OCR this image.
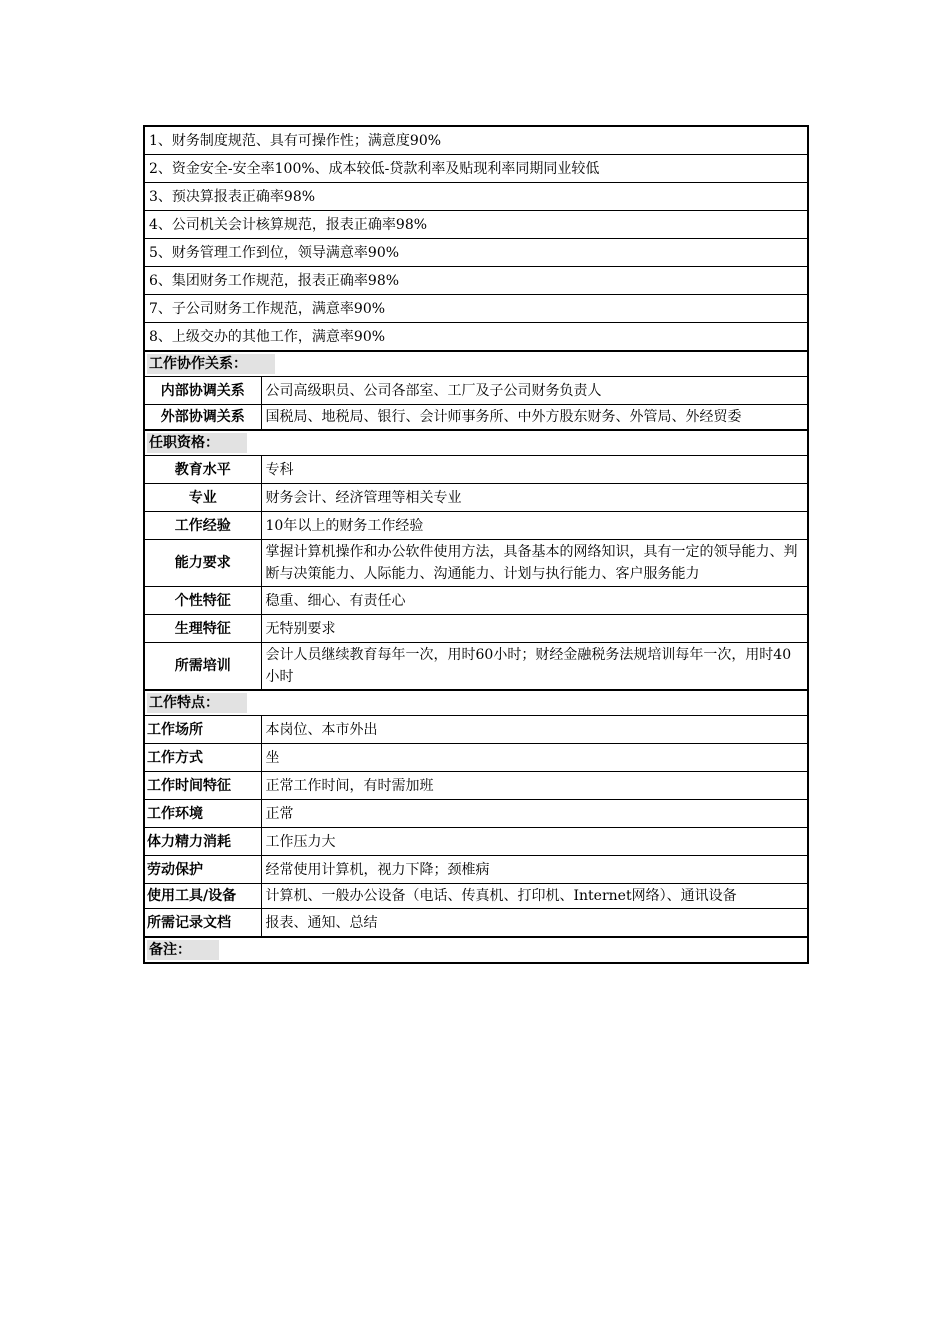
1、财务制度规范、具有可操作性；满意度90%	
2、资金安全-安全率100%、成本较低-贷款利率及贴现利率同期同业较低	
3、预决算报表正确率98%	
4、公司机关会计核算规范，报表正确率98%	
5、财务管理工作到位，领导满意率90%	
6、集团财务工作规范，报表正确率98%	
7、子公司财务工作规范，满意率90%	
8、上级交办的其他工作，满意率90%	
工作协作关系：	
内部协调关系	公司高级职员、公司各部室、工厂及子公司财务负责人
外部协调关系	国税局、地税局、银行、会计师事务所、中外方股东财务、外管局、外经贸委
任职资格：	
教育水平	专科
专业	财务会计、经济管理等相关专业
工作经验	10年以上的财务工作经验
能力要求	掌握计算机操作和办公软件使用方法，具备基本的网络知识，具有一定的领导能力、判断与决策能力、人际能力、沟通能力、计划与执行能力、客户服务能力
个性特征	稳重、细心、有责任心
生理特征	无特别要求
所需培训	会计人员继续教育每年一次，用时60小时；财经金融税务法规培训每年一次，用时40小时
工作特点：	
工作场所	本岗位、本市外出
工作方式	坐
工作时间特征	正常工作时间，有时需加班
工作环境	正常
体力精力消耗	工作压力大
劳动保护	经常使用计算机，视力下降；颈椎病
使用工具/设备	计算机、一般办公设备（电话、传真机、打印机、Internet网络）、通讯设备
所需记录文档	报表、通知、总结
备注：	
